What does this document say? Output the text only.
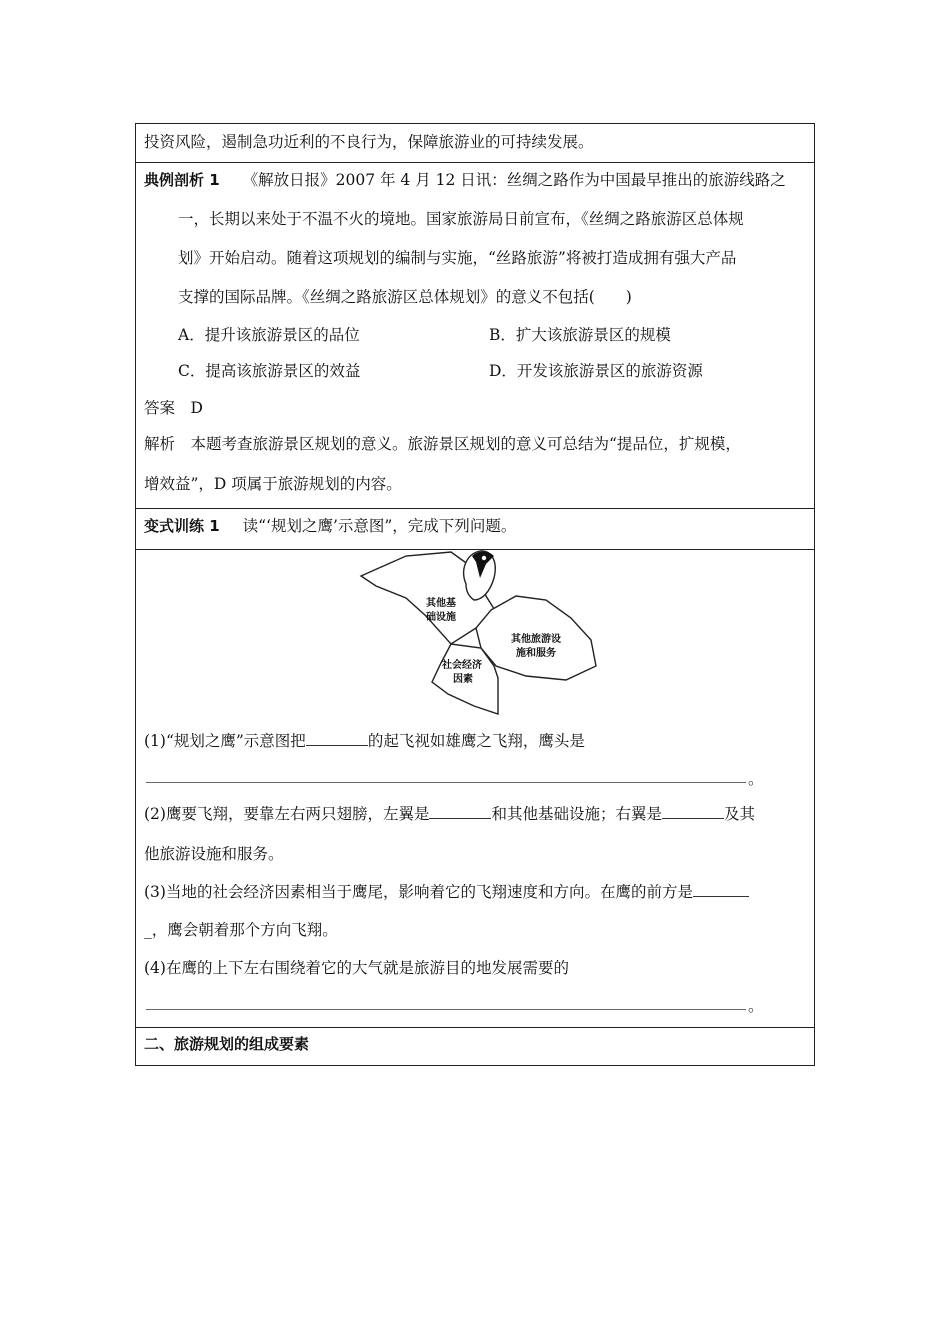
投资风险，遏制急功近利的不良行为，保障旅游业的可持续发展。
典例剖析 1 《解放日报》2007 年 4 月 12 日讯：丝绸之路作为中国最早推出的旅游线路之
一，长期以来处于不温不火的境地。国家旅游局日前宣布，《丝绸之路旅游区总体规
划》开始启动。随着这项规划的编制与实施，“丝路旅游”将被打造成拥有强大产品
支撑的国际品牌。《丝绸之路旅游区总体规划》的意义不包括(　　)
A．提升该旅游景区的品位	B．扩大该旅游景区的规模
C．提高该旅游景区的效益	D．开发该旅游景区的旅游资源
答案　D
解析　本题考查旅游景区规划的意义。旅游景区规划的意义可总结为“提品位，扩规模，
增效益”，D 项属于旅游规划的内容。
变式训练 1 读“‘规划之鹰’示意图”，完成下列问题。
其他基
础设施
其他旅游设
施和服务
社会经济
因素
(1)“规划之鹰”示意图把	的起飞视如雄鹰之飞翔，鹰头是
。
(2)鹰要飞翔，要靠左右两只翅膀，左翼是	和其他基础设施；右翼是	及其
他旅游设施和服务。
(3)当地的社会经济因素相当于鹰尾，影响着它的飞翔速度和方向。在鹰的前方是
_，鹰会朝着那个方向飞翔。
(4)在鹰的上下左右围绕着它的大气就是旅游目的地发展需要的
。
二、旅游规划的组成要素
